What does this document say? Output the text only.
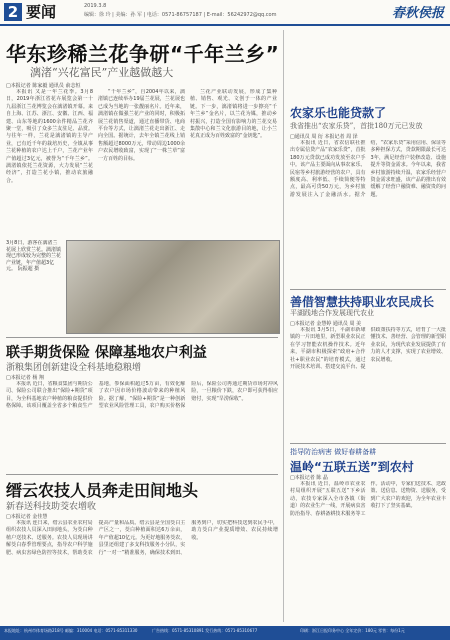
2 要闻	2019.3.8
编辑：徐 玲 | 美编：孙 军 | 电话：0571-86757187 | E-mail：56242972@qq.com	春秋侯报
华东珍稀兰花争研“千年兰乡”
漓渚“兴花富民”产业越做越大
□本报记者 陈家毅 通讯员 俞志恒

本报讯 又是一年兰花季。3月8日，2019年浙江省花卉展览会第一十九届浙江兰花博览会在漓渚镇开幕。来自上海、江苏、浙江、安徽、江西、福建、山东等地的1600余件精品兰花齐聚一堂，吸引了众多兰友驻足、品赏。与往年一样，兰花是漓渚镇的主导产业，已有近千年的栽培历史，全镇从事兰花种植的农户达上千户，兰花产业年产值超过3亿元，被誉为“千年兰乡”。漓渚镇依托兰花资源，大力发展“兰花经济”，打造兰花小镇，推动农旅融合。

“千年兰乡”，自2004年以来，漓渚镇已连续举办19届兰花展，兰花展也已成为当地的一张靓丽名片。近年来，漓渚镇在做强兰花产业的同时，积极拓展兰花销售渠道，通过直播带货、电商平台等方式，让漓渚兰花走出浙江、走向全国。据统计，去年全镇兰花线上销售额超过8000万元，带动周边1000余户农民增收致富，实现了“一株兰草”富一方百姓的目标。

兰花产业联动发展，形成了集种植、销售、观光、文创于一体的产业链。下一步，漓渚镇将进一步擦亮“千年兰乡”金名片，以兰花为媒，推动乡村振兴，打造全国有影响力的兰花交易集散中心和兰文化旅游目的地，让小兰花真正成为百姓致富的“金钥匙”。

3月8日，游客在漓渚兰花展上欣赏兰花。漓渚镇现已形成较为完整的兰花产业链，年产值超3亿元。 阮振超 摄
联手期货保险 保障基地农户利益
浙粮集团创新建设全科基地稳粮增
□本报记者 杨 翔

本报讯 近日，省粮食集团与期货公司、保险公司联合推出“保险+期货”项目，为全科基地农户种植的粮食提供价格保障。该项目覆盖全省多个粮食生产基地，参保面积超过5万亩，有效化解了农户因市场价格波动带来的种植风险。据了解，“保险+期货”是一种创新型农业风险管理工具，农户购买价格保险后，保险公司再通过期货市场对冲风险，一旦粮价下跌，农户即可获得相应赔付，实现“旱涝保收”。

缙云农技人员奔走田间地头
新春送科技助茭农增收
□本报记者 金佳慧

本报讯 连日来，缙云县农业农村局组织农技人员深入田间地头，为茭白种植户送技术、送服务。农技人员现场讲解茭白春季管理要点，指导农户科学施肥、病虫害绿色防控等技术，帮助茭农提高产量和品质。缙云县是全国茭白主产区之一，茭白种植面积达6万余亩，年产值超10亿元。为更好地服务茭农，县里还组建了多支科技服务小分队，实行“一对一”精准服务，确保技术到田、服务到户，切实把科技送到农民手中，助力茭白产业提质增效、农民持续增收。

农家乐也能贷款了
我省推出“农家乐贷”，首批180万元已发放
□通讯员 周 衍 本报记者 周 泽

本报讯 近日，省农信联社推出专属信贷产品“农家乐贷”，首批180万元贷款已成功发放至农户手中。该产品主要面向从事农家乐、民宿等乡村旅游经营的农户，具有额度高、利率低、手续简便等特点，最高可贷50万元，为乡村旅游发展注入了金融活水。据介绍，“农家乐贷”采用信用、保证等多种担保方式，贷款期限最长可达3年，满足经营户装修改造、设施提升等资金需求。今年以来，我省乡村旅游持续升温，农家乐经营户资金需求旺盛，该产品的推出有效缓解了经营户融资难、融资贵的问题。

善借智慧扶持职业农民成长
平湖践地合作发展现代农业
□本报记者 金慧婷 通讯员 周 美

本报讯 3月5日，平湖市新埭镇的一片田地里，新型职业农民正在学习智能农机操作技术。近年来，平湖市积极探索“政府+合作社+职业农民”的培育模式，通过开展技术培训、搭建交流平台、提供政策扶持等方式，培育了一大批懂技术、善经营、会管理的新型职业农民，为现代农业发展提供了有力的人才支撑，实现了农业增效、农民增收。

指导防治病害 做好春耕备耕
温岭“五联五送”到农村
□本报记者 陈 晶

本报讯 近日，温岭市农业农村局组织开展“五联五送”下乡活动，农技专家深入全市各镇（街道）的农业生产一线，开展病虫害防治指导、春耕备耕技术服务等工作。活动中，专家们送技术、送政策、送信息、送物资、送服务，受到广大农户的欢迎，为全年农业丰收打下了坚实基础。

本报地址：杭州市体育场路218号 邮编：310004 电话：0571-85311330	广告热线：0571-85310891 发行热线：0571-85310677	印刷：浙江日报印务中心 全年定价：180元 零售：每份1元
